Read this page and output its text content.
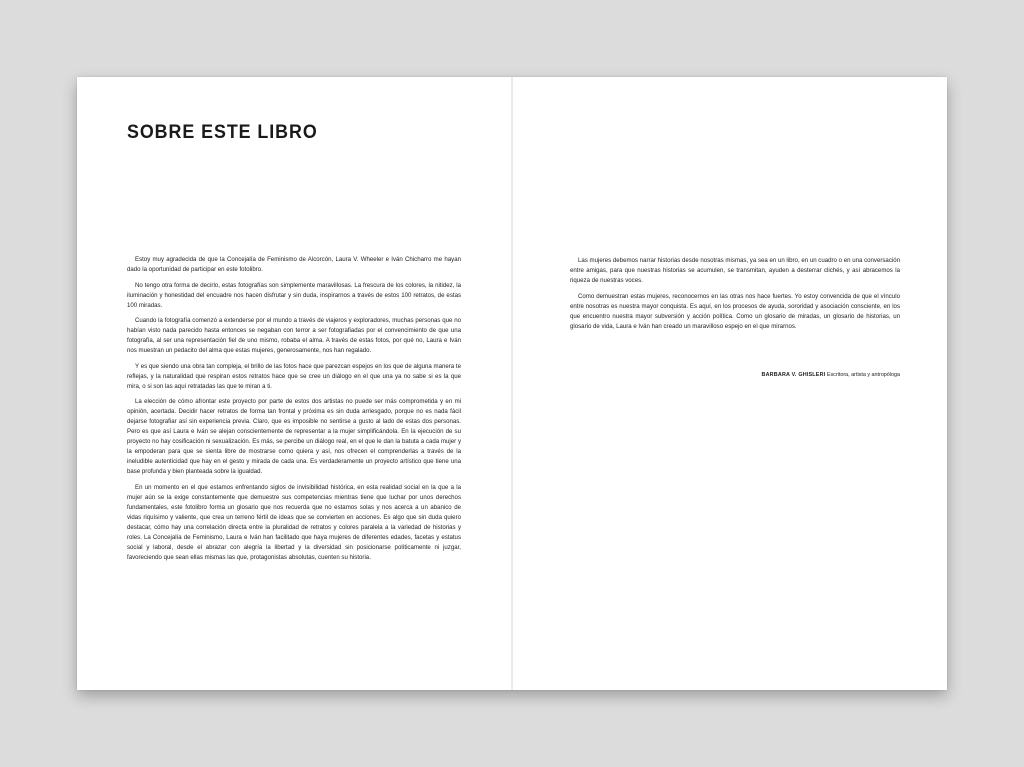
SOBRE ESTE LIBRO

Estoy muy agradecida de que la Concejalía de Feminismo de Alcorcón, Laura V. Wheeler e Iván Chicharro me hayan dado la oportunidad de participar en este fotolibro.

No tengo otra forma de decirlo, estas fotografías son simplemente maravillosas. La frescura de los colores, la nitidez, la iluminación y honestidad del encuadre nos hacen disfrutar y sin duda, inspirarnos a través de estos 100 retratos, de estas 100 miradas.

Cuando la fotografía comenzó a extenderse por el mundo a través de viajeros y exploradores, muchas personas que no habían visto nada parecido hasta entonces se negaban con terror a ser fotografiadas por el convencimiento de que una fotografía, al ser una representación fiel de uno mismo, robaba el alma. A través de estas fotos, por qué no, Laura e Iván nos muestran un pedacito del alma que estas mujeres, generosamente, nos han regalado.

Y es que siendo una obra tan compleja, el brillo de las fotos hace que parezcan espejos en los que de alguna manera te reflejas, y la naturalidad que respiran estos retratos hace que se cree un diálogo en el que una ya no sabe si es la que mira, o si son las aquí retratadas las que te miran a ti.

La elección de cómo afrontar este proyecto por parte de estos dos artistas no puede ser más comprometida y en mi opinión, acertada. Decidir hacer retratos de forma tan frontal y próxima es sin duda arriesgado, porque no es nada fácil dejarse fotografiar así sin experiencia previa. Claro, que es imposible no sentirse a gusto al lado de estas dos personas. Pero es que así Laura e Iván se alejan conscientemente de representar a la mujer simplificándola. En la ejecución de su proyecto no hay cosificación ni sexualización. Es más, se percibe un diálogo real, en el que le dan la batuta a cada mujer y la empoderan para que se sienta libre de mostrarse como quiera y así, nos ofrecen el comprenderlas a través de la ineludible autenticidad que hay en el gesto y mirada de cada una. Es verdaderamente un proyecto artístico que tiene una base profunda y bien planteada sobre la igualdad.

En un momento en el que estamos enfrentando siglos de invisibilidad histórica, en esta realidad social en la que a la mujer aún se la exige constantemente que demuestre sus competencias mientras tiene que luchar por unos derechos fundamentales, este fotolibro forma un glosario que nos recuerda que no estamos solas y nos acerca a un abanico de vidas riquísimo y valiente, que crea un terreno fértil de ideas que se convierten en acciones. Es algo que sin duda quiero destacar, cómo hay una correlación directa entre la pluralidad de retratos y colores paralela a la variedad de historias y roles. La Concejalía de Feminismo, Laura e Iván han facilitado que haya mujeres de diferentes edades, facetas y estatus social y laboral, desde el abrazar con alegría la libertad y la diversidad sin posicionarse políticamente ni juzgar, favoreciendo que sean ellas mismas las que, protagonistas absolutas, cuenten su historia.

Las mujeres debemos narrar historias desde nosotras mismas, ya sea en un libro, en un cuadro o en una conversación entre amigas, para que nuestras historias se acumulen, se transmitan, ayuden a desterrar clichés, y así abracemos la riqueza de nuestras voces.

Como demuestran estas mujeres, reconocernos en las otras nos hace fuertes. Yo estoy convencida de que el vínculo entre nosotras es nuestra mayor conquista. Es aquí, en los procesos de ayuda, sororidad y asociación consciente, en los que encuentro nuestra mayor subversión y acción política. Como un glosario de miradas, un glosario de historias, un glosario de vida, Laura e Iván han creado un maravilloso espejo en el que mirarnos.

BARBARA V. GHISLERI Escritora, artista y antropóloga
